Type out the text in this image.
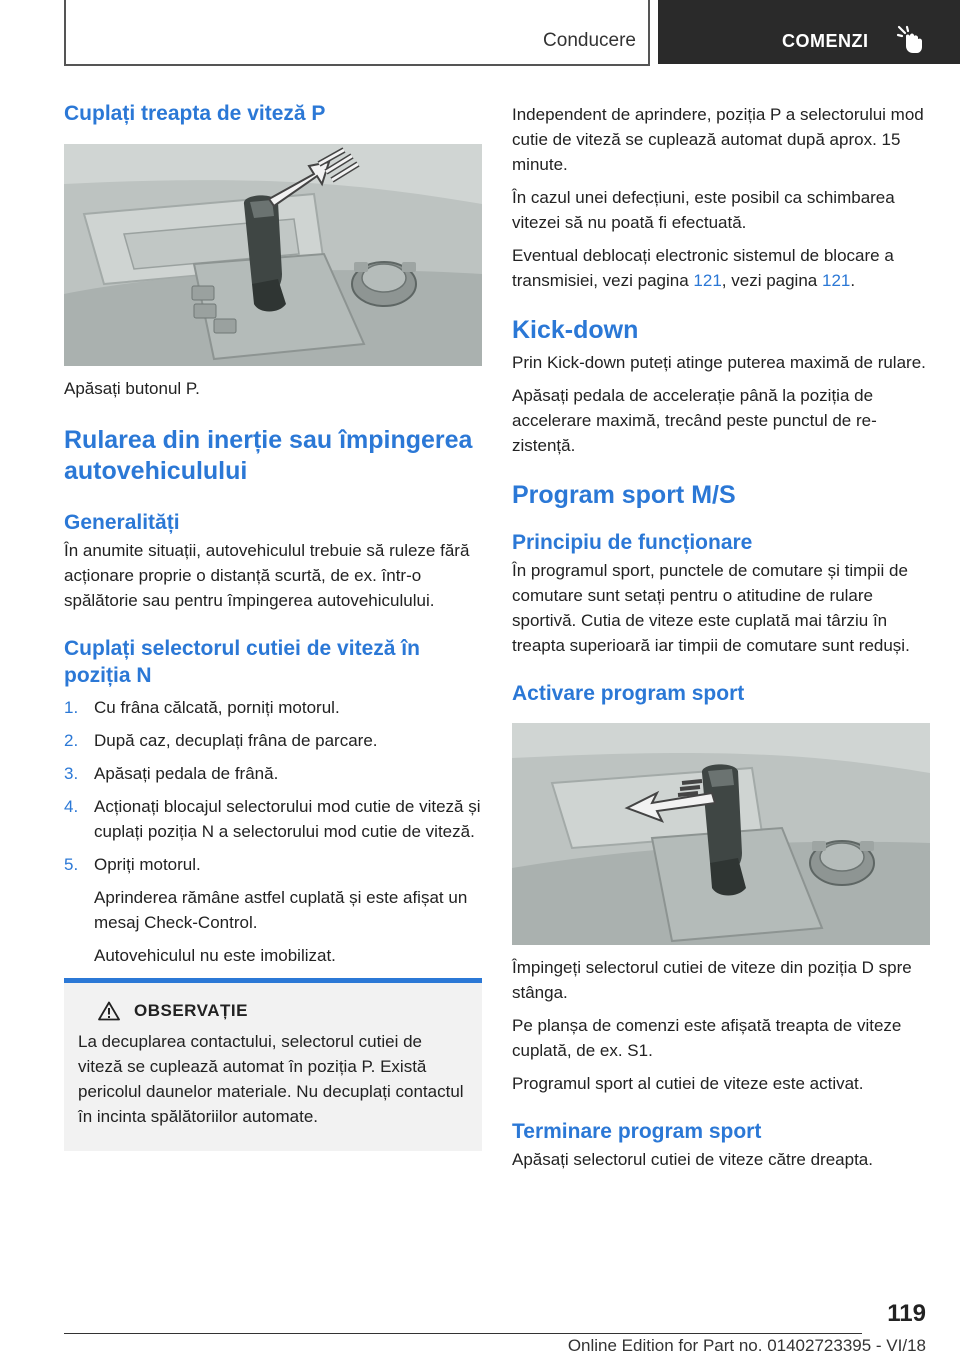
Conducere	COMENZI
Cuplați treapta de viteză P

Apăsați butonul P.

Rularea din inerție sau împingerea autovehiculului
Generalități

În anumite situații, autovehiculul trebuie să ruleze fără acționare proprie o distanță scurtă, de ex. într-o spălătorie sau pentru împingerea autovehiculului.

Cuplați selectorul cutiei de viteză în poziția N
1. Cu frâna călcată, porniți motorul.
2. După caz, decuplați frâna de parcare.
3. Apăsați pedala de frână.
4. Acționați blocajul selectorului mod cutie de viteză și cuplați poziția N a selectorului mod cutie de viteză.
5. Opriți motorul.

Aprinderea rămâne astfel cuplată și este afișat un mesaj Check-Control.

Autovehiculul nu este imobilizat.

OBSERVAȚIE

La decuplarea contactului, selectorul cutiei de viteză se cuplează automat în poziția P. Există pericolul daunelor materiale. Nu decuplați contactul în incinta spălătoriilor automate.

Independent de aprindere, poziția P a selectorului mod cutie de viteză se cuplează automat după aprox. 15 minute.

În cazul unei defecțiuni, este posibil ca schimbarea vitezei să nu poată fi efectuată.

Eventual deblocați electronic sistemul de blocare a transmisiei, vezi pagina 121, vezi pagina 121.

Kick-down

Prin Kick-down puteți atinge puterea maximă de rulare.

Apăsați pedala de accelerație până la poziția de accelerare maximă, trecând peste punctul de rezistență.

Program sport M/S
Principiu de funcționare

În programul sport, punctele de comutare și timpii de comutare sunt setați pentru o atitudine de rulare sportivă. Cutia de viteze este cuplată mai târziu în treapta superioară iar timpii de comutare sunt reduși.

Activare program sport

Împingeți selectorul cutiei de viteze din poziția D spre stânga.

Pe planșa de comenzi este afișată treapta de viteze cuplată, de ex. S1.

Programul sport al cutiei de viteze este activat.

Terminare program sport

Apăsați selectorul cutiei de viteze către dreapta.

119
Online Edition for Part no. 01402723395 - VI/18
